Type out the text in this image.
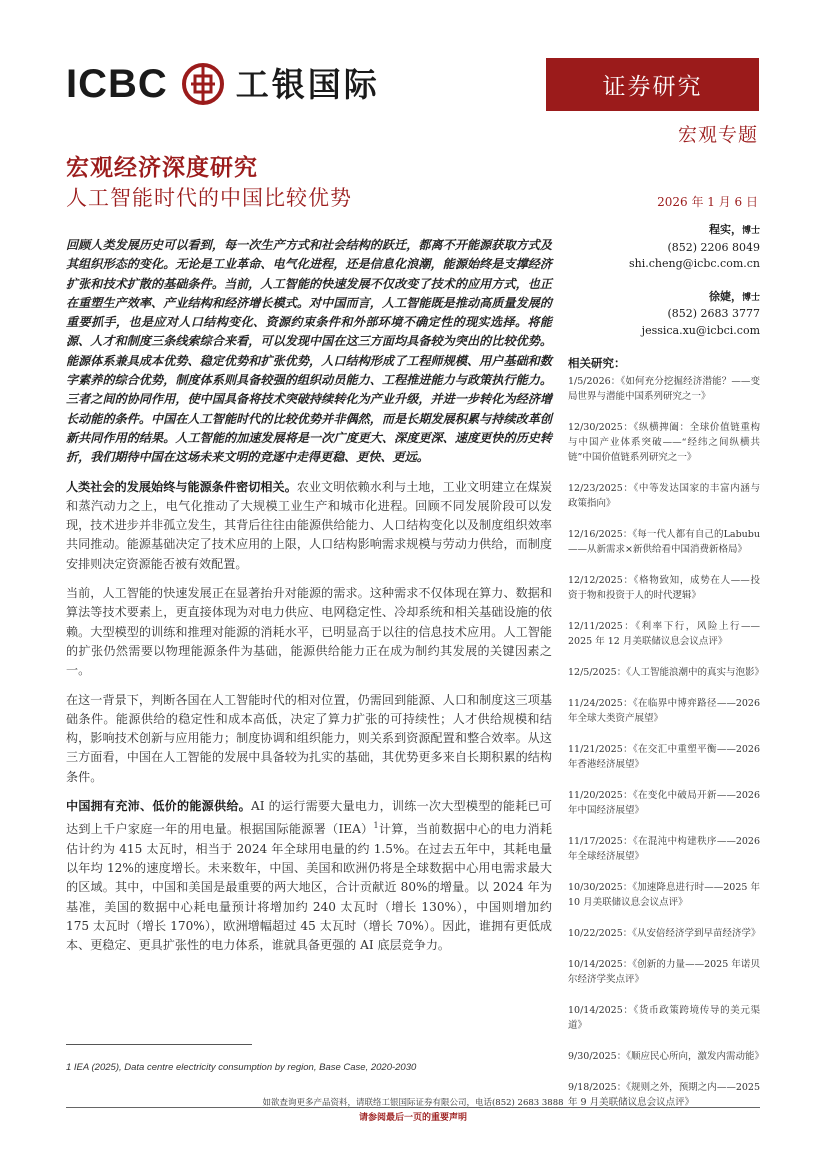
ICBC 工银国际	证券研究
宏观专题
宏观经济深度研究
人工智能时代的中国比较优势	2026 年 1 月 6 日

回顾人类发展历史可以看到，每一次生产方式和社会结构的跃迁，都离不开能源获取方式及其组织形态的变化。无论是工业革命、电气化进程，还是信息化浪潮，能源始终是支撑经济扩张和技术扩散的基础条件。当前，人工智能的快速发展不仅改变了技术的应用方式，也正在重塑生产效率、产业结构和经济增长模式。对中国而言，人工智能既是推动高质量发展的重要抓手，也是应对人口结构变化、资源约束条件和外部环境不确定性的现实选择。将能源、人才和制度三条线索综合来看，可以发现中国在这三方面均具备较为突出的比较优势。能源体系兼具成本优势、稳定优势和扩张优势，人口结构形成了工程师规模、用户基础和数字素养的综合优势，制度体系则具备较强的组织动员能力、工程推进能力与政策执行能力。三者之间的协同作用，使中国具备将技术突破持续转化为产业升级，并进一步转化为经济增长动能的条件。中国在人工智能时代的比较优势并非偶然，而是长期发展积累与持续改革创新共同作用的结果。人工智能的加速发展将是一次广度更大、深度更深、速度更快的历史转折，我们期待中国在这场未来文明的竞逐中走得更稳、更快、更远。

人类社会的发展始终与能源条件密切相关。农业文明依赖水利与土地，工业文明建立在煤炭和蒸汽动力之上，电气化推动了大规模工业生产和城市化进程。回顾不同发展阶段可以发现，技术进步并非孤立发生，其背后往往由能源供给能力、人口结构变化以及制度组织效率共同推动。能源基础决定了技术应用的上限，人口结构影响需求规模与劳动力供给，而制度安排则决定资源能否被有效配置。

当前，人工智能的快速发展正在显著抬升对能源的需求。这种需求不仅体现在算力、数据和算法等技术要素上，更直接体现为对电力供应、电网稳定性、冷却系统和相关基础设施的依赖。大型模型的训练和推理对能源的消耗水平，已明显高于以往的信息技术应用。人工智能的扩张仍然需要以物理能源条件为基础，能源供给能力正在成为制约其发展的关键因素之一。

在这一背景下，判断各国在人工智能时代的相对位置，仍需回到能源、人口和制度这三项基础条件。能源供给的稳定性和成本高低，决定了算力扩张的可持续性；人才供给规模和结构，影响技术创新与应用能力；制度协调和组织能力，则关系到资源配置和整合效率。从这三方面看，中国在人工智能的发展中具备较为扎实的基础，其优势更多来自长期积累的结构条件。

中国拥有充沛、低价的能源供给。AI 的运行需要大量电力，训练一次大型模型的能耗已可达到上千户家庭一年的用电量。根据国际能源署（IEA）$^1$计算，当前数据中心的电力消耗估计约为 415 太瓦时，相当于 2024 年全球用电量的约 1.5%。在过去五年中，其耗电量以年均 12%的速度增长。未来数年，中国、美国和欧洲仍将是全球数据中心用电需求最大的区域。其中，中国和美国是最重要的两大地区，合计贡献近 80%的增量。以 2024 年为基准，美国的数据中心耗电量预计将增加约 240 太瓦时（增长 130%），中国则增加约 175 太瓦时（增长 170%），欧洲增幅超过 45 太瓦时（增长 70%）。因此，谁拥有更低成本、更稳定、更具扩张性的电力体系，谁就具备更强的 AI 底层竞争力。

1 IEA (2025), Data centre electricity consumption by region, Base Case, 2020-2030
程实，博士
(852) 2206 8049
shi.cheng@icbc.com.cn
徐婕，博士
(852) 2683 3777
jessica.xu@icbci.com
相关研究：
1/5/2026：《如何充分挖掘经济潜能？——变局世界与潜能中国系列研究之一》
12/30/2025：《纵横捭阖：全球价值链重构与中国产业体系突破——“经纬之间纵横共链”中国价值链系列研究之一》
12/23/2025：《中等发达国家的丰富内涵与政策指向》
12/16/2025：《每一代人都有自己的Labubu——从新需求×新供给看中国消费新格局》
12/12/2025：《格物致知，成势在人——投资于物和投资于人的时代逻辑》
12/11/2025：《利率下行，风险上行——2025 年 12 月美联储议息会议点评》
12/5/2025：《人工智能浪潮中的真实与泡影》
11/24/2025：《在临界中博弈路径——2026 年全球大类资产展望》
11/21/2025：《在交汇中重塑平衡——2026 年香港经济展望》
11/20/2025：《在变化中破局开新——2026 年中国经济展望》
11/17/2025：《在混沌中构建秩序——2026 年全球经济展望》
10/30/2025：《加速降息进行时——2025 年 10 月美联储议息会议点评》
10/22/2025：《从安倍经济学到早苗经济学》
10/14/2025：《创新的力量——2025 年诺贝尔经济学奖点评》
10/14/2025：《货币政策跨境传导的美元渠道》
9/30/2025：《顺应民心所向，激发内需动能》
9/18/2025：《规则之外，预期之内——2025 年 9 月美联储议息会议点评》
如欲查询更多产品资料，请联络工银国际证券有限公司，电话(852) 2683 3888
请参阅最后一页的重要声明
